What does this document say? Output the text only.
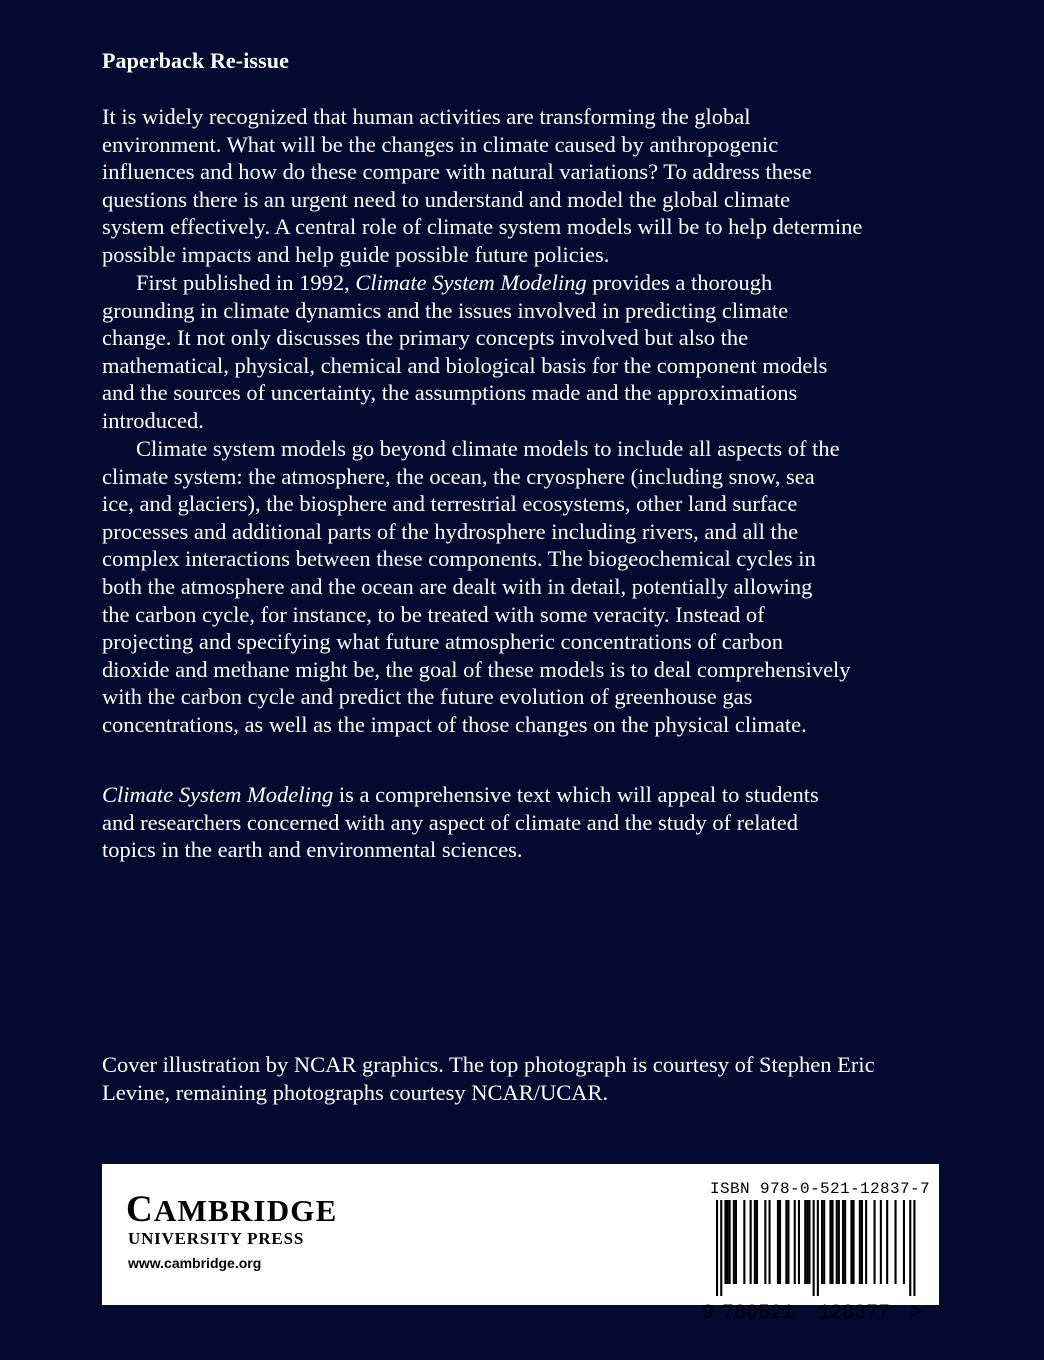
Paperback Re-issue

It is widely recognized that human activities are transforming the global
environment. What will be the changes in climate caused by anthropogenic
influences and how do these compare with natural variations? To address these
questions there is an urgent need to understand and model the global climate
system effectively. A central role of climate system models will be to help determine
possible impacts and help guide possible future policies.

First published in 1992, Climate System Modeling provides a thorough
grounding in climate dynamics and the issues involved in predicting climate
change. It not only discusses the primary concepts involved but also the
mathematical, physical, chemical and biological basis for the component models
and the sources of uncertainty, the assumptions made and the approximations
introduced.

Climate system models go beyond climate models to include all aspects of the
climate system: the atmosphere, the ocean, the cryosphere (including snow, sea
ice, and glaciers), the biosphere and terrestrial ecosystems, other land surface
processes and additional parts of the hydrosphere including rivers, and all the
complex interactions between these components. The biogeochemical cycles in
both the atmosphere and the ocean are dealt with in detail, potentially allowing
the carbon cycle, for instance, to be treated with some veracity. Instead of
projecting and specifying what future atmospheric concentrations of carbon
dioxide and methane might be, the goal of these models is to deal comprehensively
with the carbon cycle and predict the future evolution of greenhouse gas
concentrations, as well as the impact of those changes on the physical climate.

Climate System Modeling is a comprehensive text which will appeal to students
and researchers concerned with any aspect of climate and the study of related
topics in the earth and environmental sciences.

Cover illustration by NCAR graphics. The top photograph is courtesy of Stephen Eric
Levine, remaining photographs courtesy NCAR/UCAR.

CAMBRIDGE

UNIVERSITY PRESS

www.cambridge.org

ISBN 978-0-521-12837-7

9 780521 128377 >
